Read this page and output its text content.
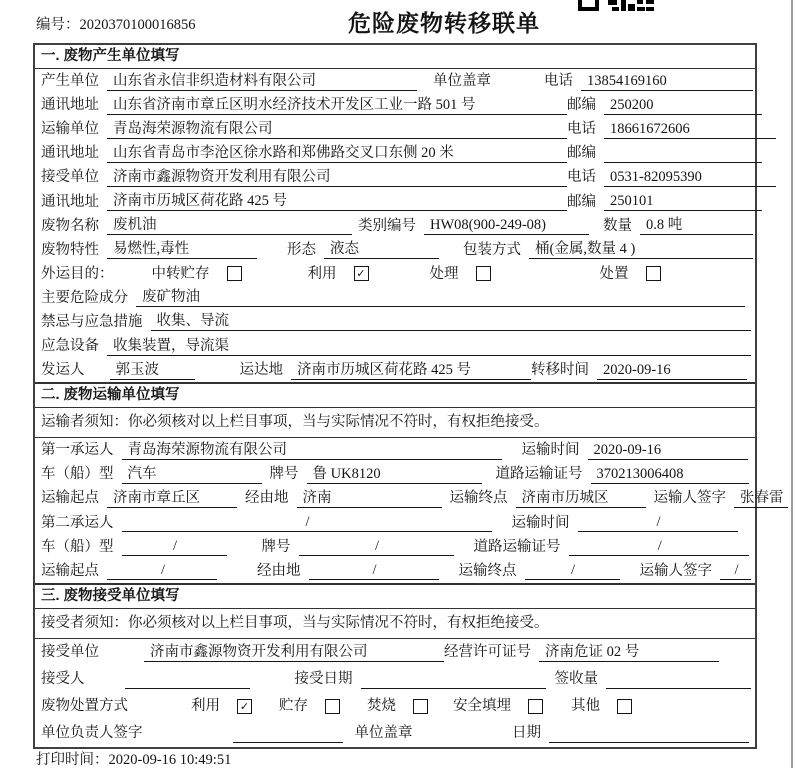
编号：2020370100016856	危险废物转移联单
一. 废物产生单位填写
产生单位 山东省永信非织造材料有限公司	单位盖章	电话 13854169160
通讯地址 山东省济南市章丘区明水经济技术开发区工业一路 501 号	邮编 250200
运输单位 青岛海荣源物流有限公司	电话 18661672606
通讯地址 山东省青岛市李沧区徐水路和郑佛路交叉口东侧 20 米	邮编
接受单位 济南市鑫源物资开发利用有限公司	电话 0531-82095390
通讯地址 济南市历城区荷花路 425 号	邮编 250101
废物名称 废机油	类别编号 HW08(900-249-08)	数量 0.8 吨
废物特性 易燃性,毒性	形态 液态	包装方式 桶(金属,数量 4 )
外运目的：	中转贮存	利用 ✓	处理	处置
主要危险成分 废矿物油
禁忌与应急措施 收集、导流
应急设备 收集装置，导流渠
发运人	郭玉波	运达地 济南市历城区荷花路 425 号	转移时间 2020-09-16
二. 废物运输单位填写
运输者须知：你必须核对以上栏目事项，当与实际情况不符时，有权拒绝接受。
第一承运人 青岛海荣源物流有限公司	运输时间 2020-09-16
车（船）型 汽车	牌号 鲁 UK8120	道路运输证号 370213006408
运输起点 济南市章丘区	经由地 济南	运输终点 济南市历城区	运输人签字 张春雷
第二承运人	/	运输时间	/
车（船）型	/	牌号	/	道路运输证号	/
运输起点	/	经由地	/	运输终点	/	运输人签字	/
三. 废物接受单位填写
接受者须知：你必须核对以上栏目事项，当与实际情况不符时，有权拒绝接受。
接受单位	济南市鑫源物资开发利用有限公司	经营许可证号 济南危证 02 号
接受人	接受日期	签收量
废物处置方式	利用 ✓ 贮存	焚烧	安全填埋	其他
单位负责人签字	单位盖章	日期
打印时间：2020-09-16 10:49:51
